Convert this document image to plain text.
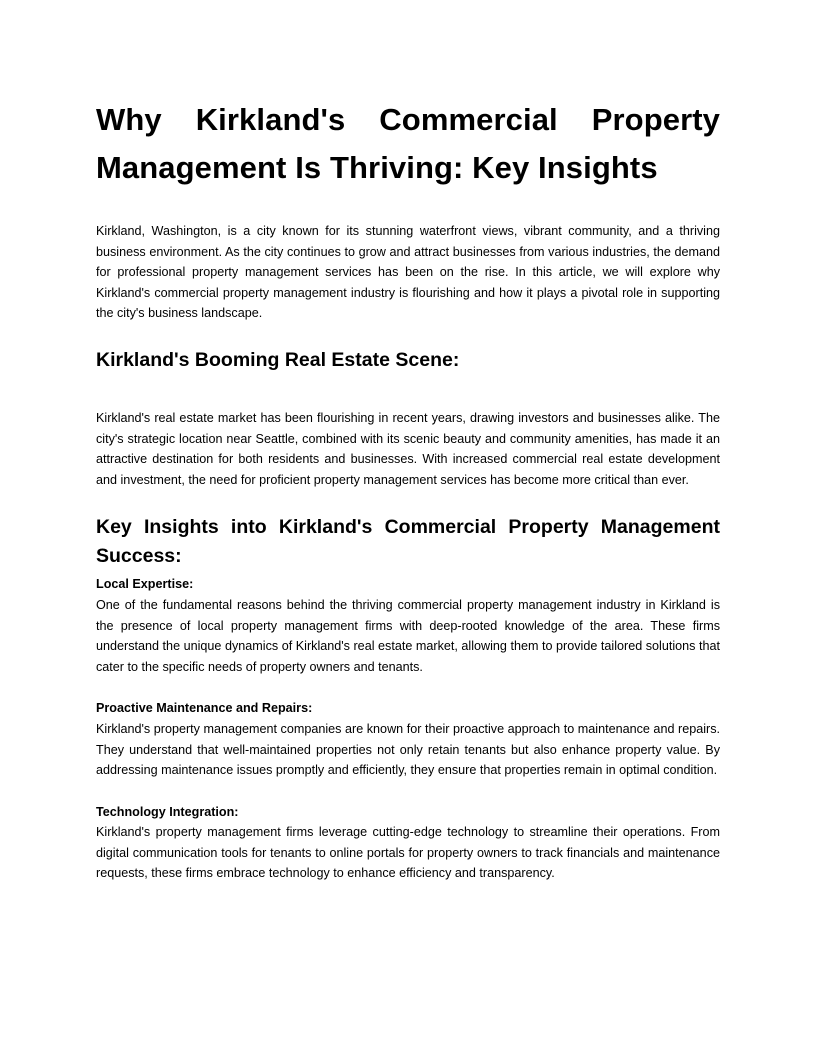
Why Kirkland's Commercial Property Management Is Thriving: Key Insights

Kirkland, Washington, is a city known for its stunning waterfront views, vibrant community, and a thriving business environment. As the city continues to grow and attract businesses from various industries, the demand for professional property management services has been on the rise. In this article, we will explore why Kirkland's commercial property management industry is flourishing and how it plays a pivotal role in supporting the city's business landscape.

Kirkland's Booming Real Estate Scene:

Kirkland's real estate market has been flourishing in recent years, drawing investors and businesses alike. The city's strategic location near Seattle, combined with its scenic beauty and community amenities, has made it an attractive destination for both residents and businesses. With increased commercial real estate development and investment, the need for proficient property management services has become more critical than ever.

Key Insights into Kirkland's Commercial Property Management Success:

Local Expertise:

One of the fundamental reasons behind the thriving commercial property management industry in Kirkland is the presence of local property management firms with deep-rooted knowledge of the area. These firms understand the unique dynamics of Kirkland's real estate market, allowing them to provide tailored solutions that cater to the specific needs of property owners and tenants.

Proactive Maintenance and Repairs:

Kirkland's property management companies are known for their proactive approach to maintenance and repairs. They understand that well-maintained properties not only retain tenants but also enhance property value. By addressing maintenance issues promptly and efficiently, they ensure that properties remain in optimal condition.

Technology Integration:

Kirkland's property management firms leverage cutting-edge technology to streamline their operations. From digital communication tools for tenants to online portals for property owners to track financials and maintenance requests, these firms embrace technology to enhance efficiency and transparency.
